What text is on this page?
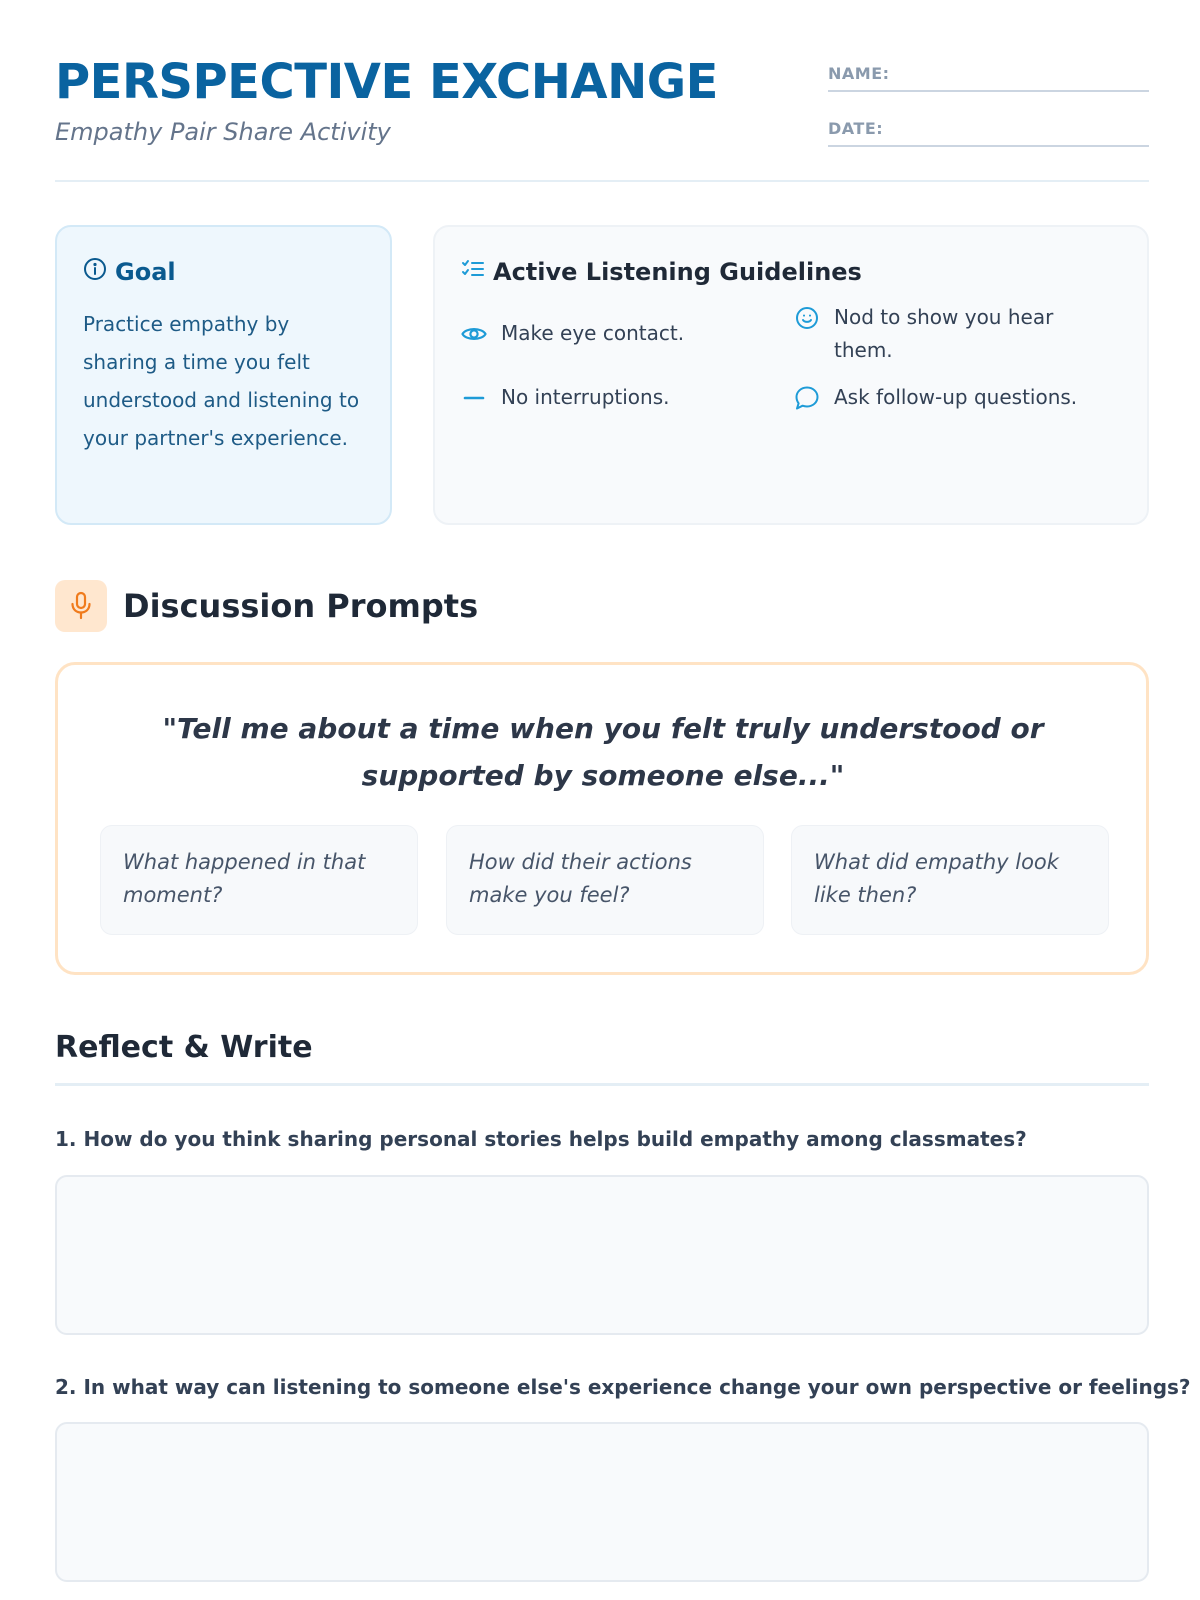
PERSPECTIVE EXCHANGE
Empathy Pair Share Activity
NAME:
DATE:
Goal
Practice empathy by sharing a time you felt understood and listening to your partner's experience.
Active Listening Guidelines
Make eye contact.
Nod to show you hear them.
No interruptions.	Ask follow-up questions.
Discussion Prompts
"Tell me about a time when you felt truly understood or supported by someone else..."
What happened in that moment?
How did their actions make you feel?
What did empathy look like then?
Reflect & Write
1. How do you think sharing personal stories helps build empathy among classmates?
2. In what way can listening to someone else's experience change your own perspective or feelings?
